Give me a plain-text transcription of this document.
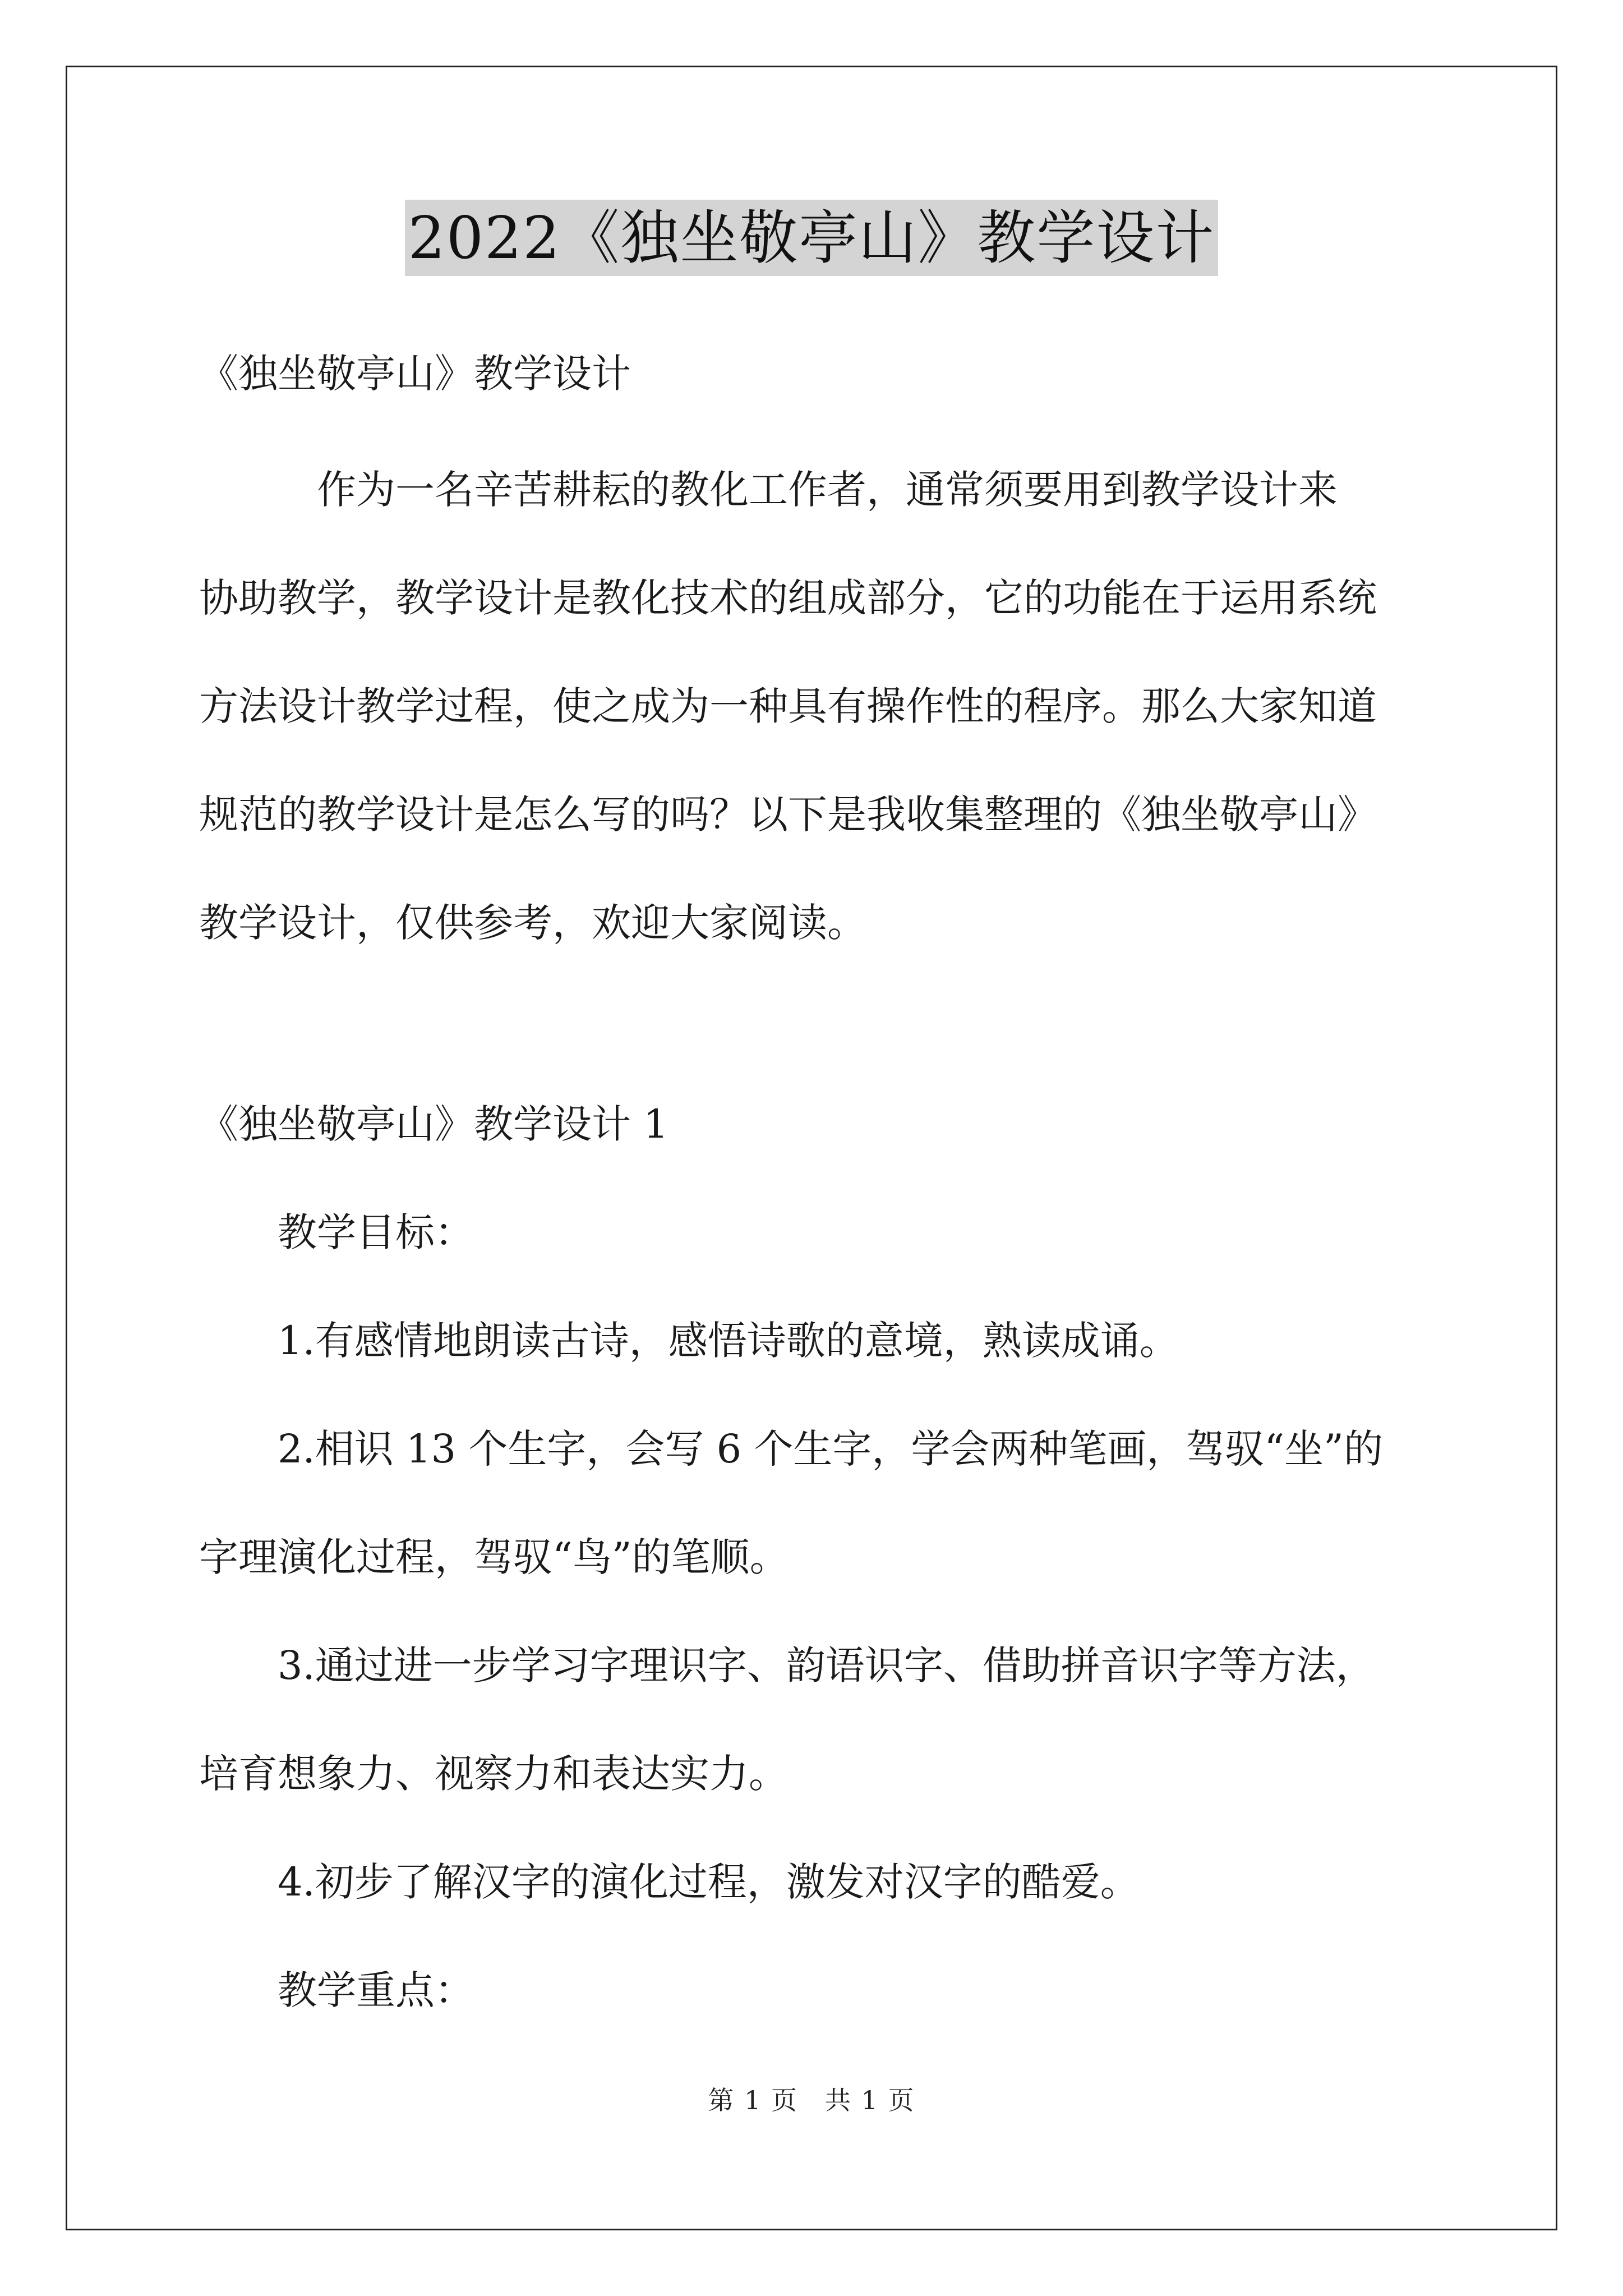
2022《独坐敬亭山》教学设计

《独坐敬亭山》教学设计

　　　作为一名辛苦耕耘的教化工作者，通常须要用到教学设计来

协助教学，教学设计是教化技术的组成部分，它的功能在于运用系统

方法设计教学过程，使之成为一种具有操作性的程序。那么大家知道

规范的教学设计是怎么写的吗？以下是我收集整理的《独坐敬亭山》

教学设计，仅供参考，欢迎大家阅读。

《独坐敬亭山》教学设计 1

　　教学目标：

　　1.有感情地朗读古诗，感悟诗歌的意境，熟读成诵。

　　2.相识 13 个生字，会写 6 个生字，学会两种笔画，驾驭“坐”的

字理演化过程，驾驭“鸟”的笔顺。

　　3.通过进一步学习字理识字、韵语识字、借助拼音识字等方法，

培育想象力、视察力和表达实力。

　　4.初步了解汉字的演化过程，激发对汉字的酷爱。

　　教学重点：

第 1 页　共 1 页
